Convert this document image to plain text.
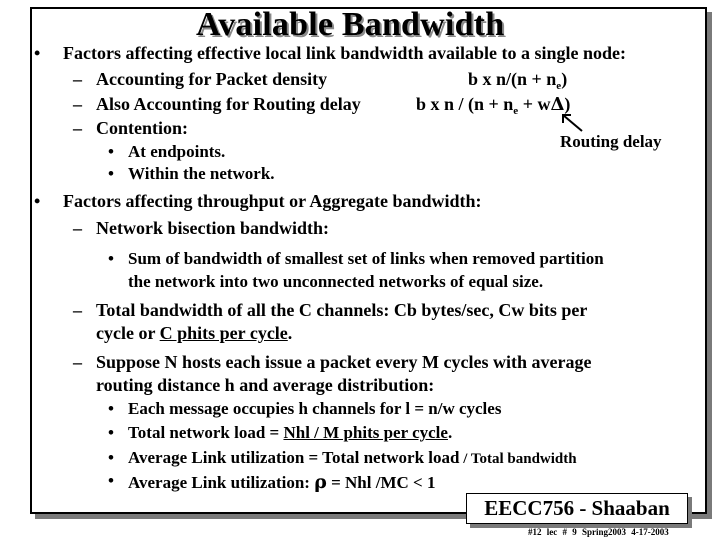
Available Bandwidth
• Factors affecting effective local link bandwidth available to a single node:
– Accounting for Packet density	b x $n/(n + n_e)$
– Also Accounting for Routing delay	b x $n / (n + n_e + w\Delta)$
– Contention:
Routing delay
• At endpoints.
• Within the network.
• Factors affecting throughput or Aggregate bandwidth:
– Network bisection bandwidth:
• Sum of bandwidth of smallest set of links when removed partition
the network into two unconnected networks of equal size.
– Total bandwidth of all the C channels: Cb bytes/sec, Cw bits per
cycle or C phits per cycle.
– Suppose N hosts each issue a packet every M cycles with average
routing distance h and average distribution:
• Each message occupies h channels for l = n/w cycles
• Total network load = Nhl / M phits per cycle.
• Average Link utilization = Total network load / Total bandwidth
• Average Link utilization: ρ = Nhl /MC < 1
EECC756 - Shaaban
#12 lec # 9 Spring2003 4-17-2003
